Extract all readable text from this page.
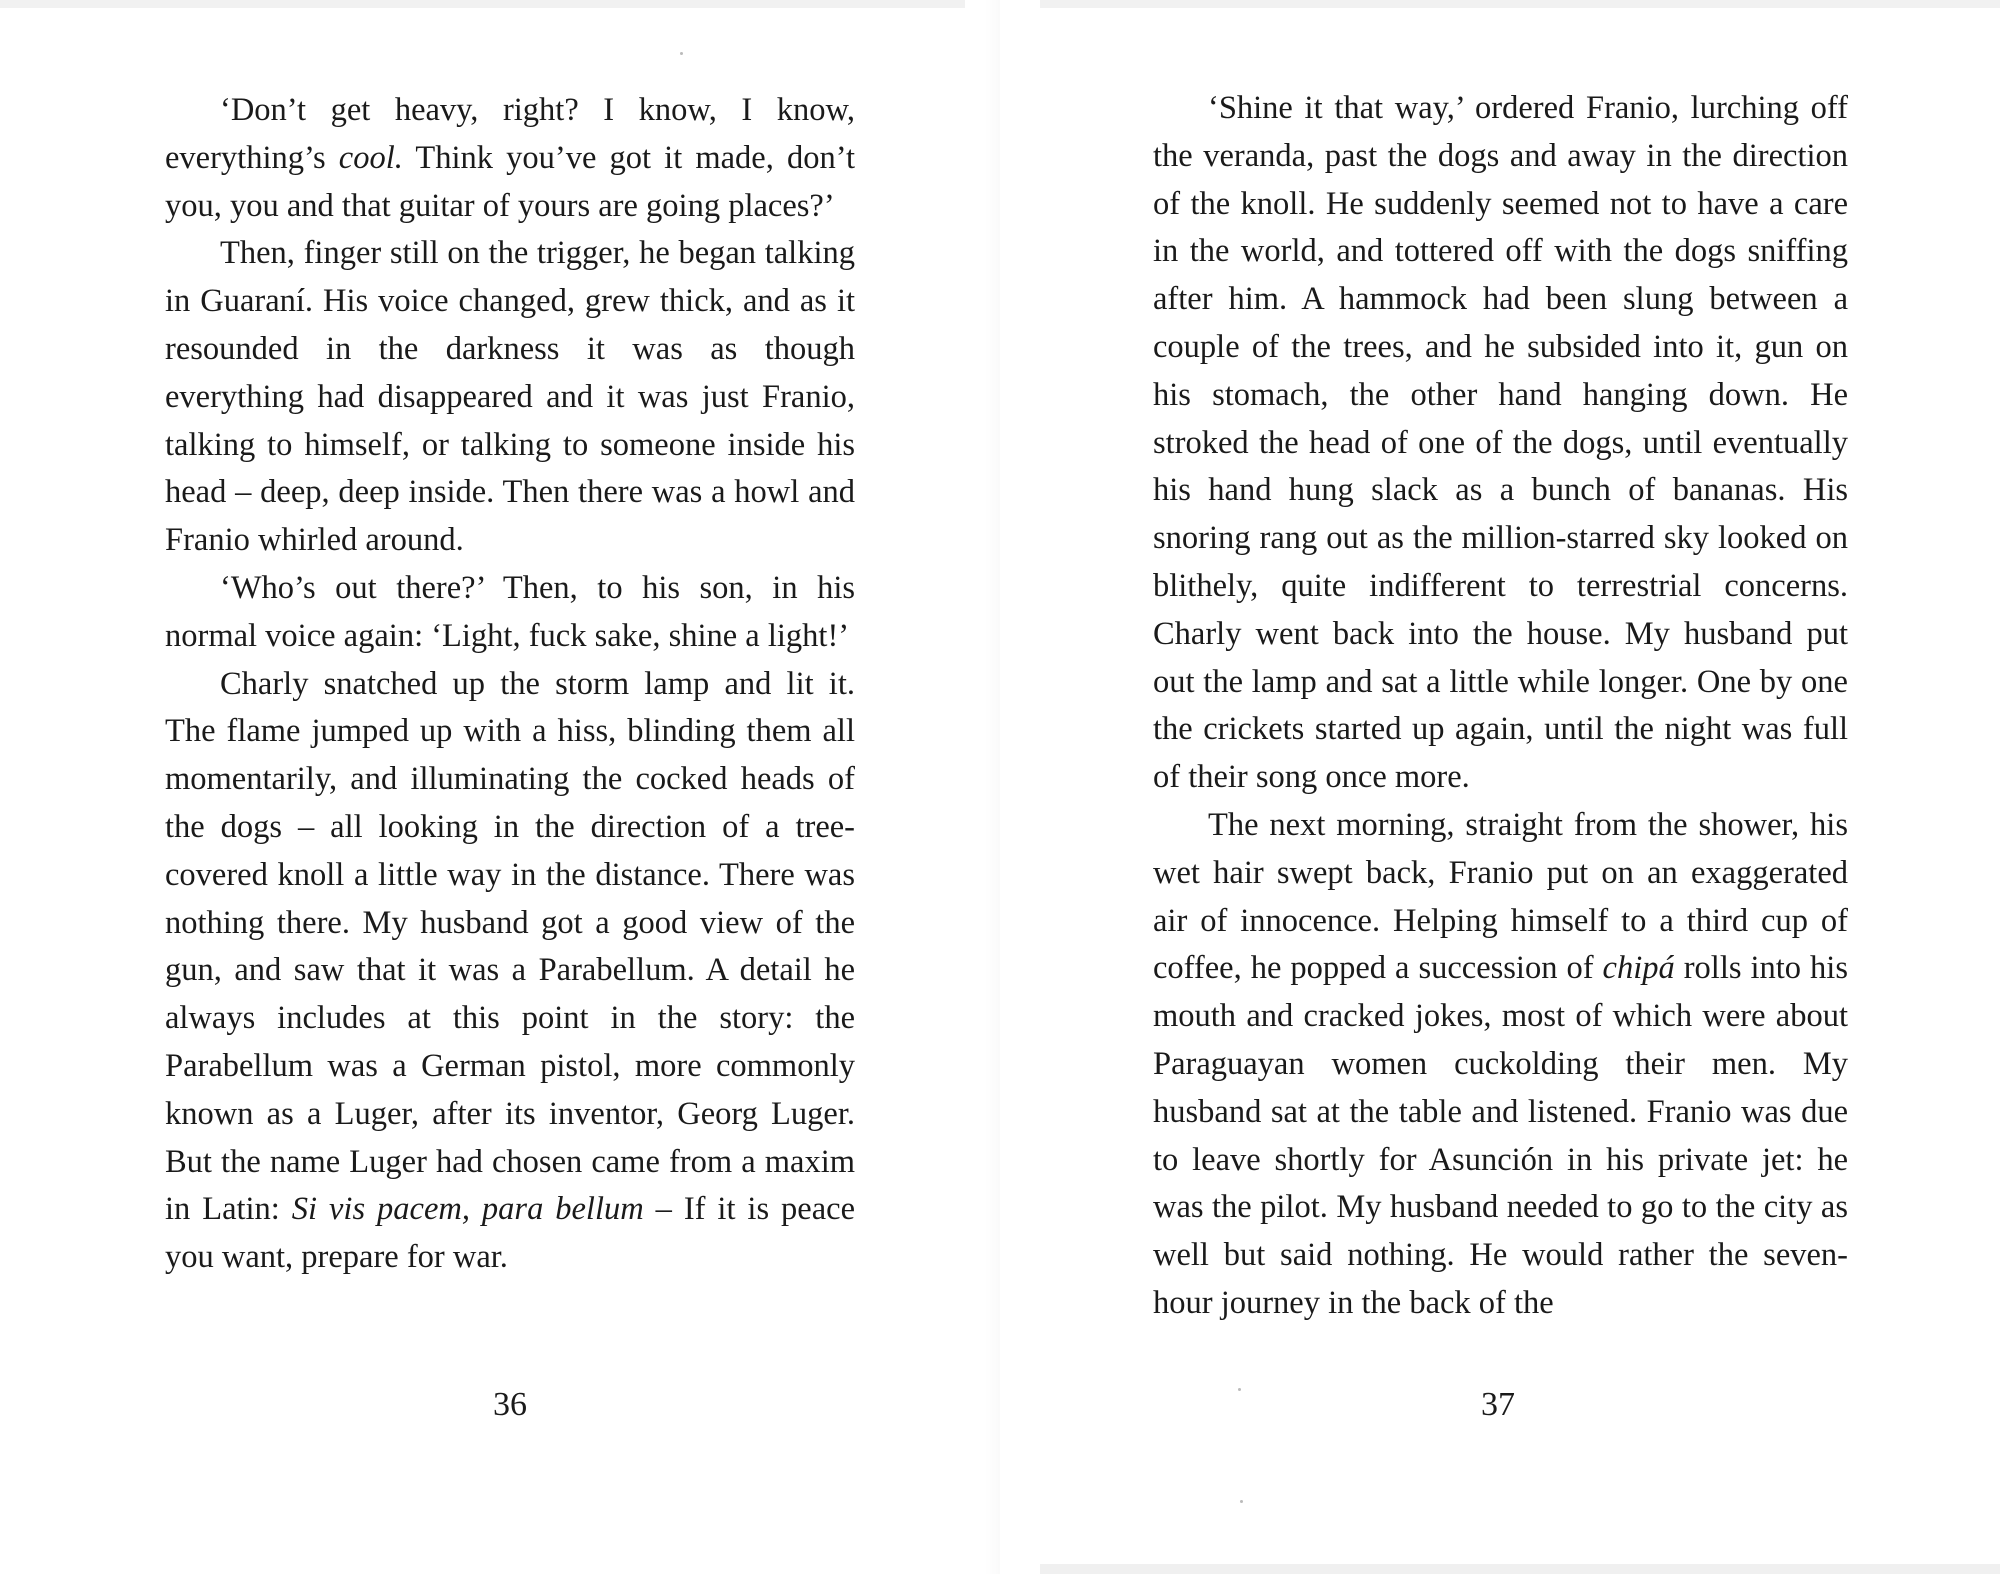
‘Don’t get heavy, right? I know, I know, everything’s cool. Think you’ve got it made, don’t you, you and that guitar of yours are going places?’

Then, finger still on the trigger, he began talking in Guaraní. His voice changed, grew thick, and as it resounded in the darkness it was as though everything had disappeared and it was just Franio, talking to himself, or talking to someone inside his head – deep, deep inside. Then there was a howl and Franio whirled around.

‘Who’s out there?’ Then, to his son, in his normal voice again: ‘Light, fuck sake, shine a light!’

Charly snatched up the storm lamp and lit it. The flame jumped up with a hiss, blinding them all momentarily, and illuminating the cocked heads of the dogs – all looking in the direction of a tree-covered knoll a little way in the distance. There was nothing there. My husband got a good view of the gun, and saw that it was a Parabellum. A detail he always includes at this point in the story: the Parabellum was a German pistol, more commonly known as a Luger, after its inventor, Georg Luger. But the name Luger had chosen came from a maxim in Latin: Si vis pacem, para bellum – If it is peace you want, prepare for war.

36

‘Shine it that way,’ ordered Franio, lurching off the veranda, past the dogs and away in the direction of the knoll. He suddenly seemed not to have a care in the world, and tottered off with the dogs sniffing after him. A hammock had been slung between a couple of the trees, and he subsided into it, gun on his stomach, the other hand hanging down. He stroked the head of one of the dogs, until eventually his hand hung slack as a bunch of bananas. His snoring rang out as the million-starred sky looked on blithely, quite indifferent to terrestrial concerns. Charly went back into the house. My husband put out the lamp and sat a little while longer. One by one the crickets started up again, until the night was full of their song once more.

The next morning, straight from the shower, his wet hair swept back, Franio put on an exaggerated air of innocence. Helping himself to a third cup of coffee, he popped a succession of chipá rolls into his mouth and cracked jokes, most of which were about Paraguayan women cuckolding their men. My husband sat at the table and listened. Franio was due to leave shortly for Asunción in his private jet: he was the pilot. My husband needed to go to the city as well but said nothing. He would rather the seven-hour journey in the back of the

37
